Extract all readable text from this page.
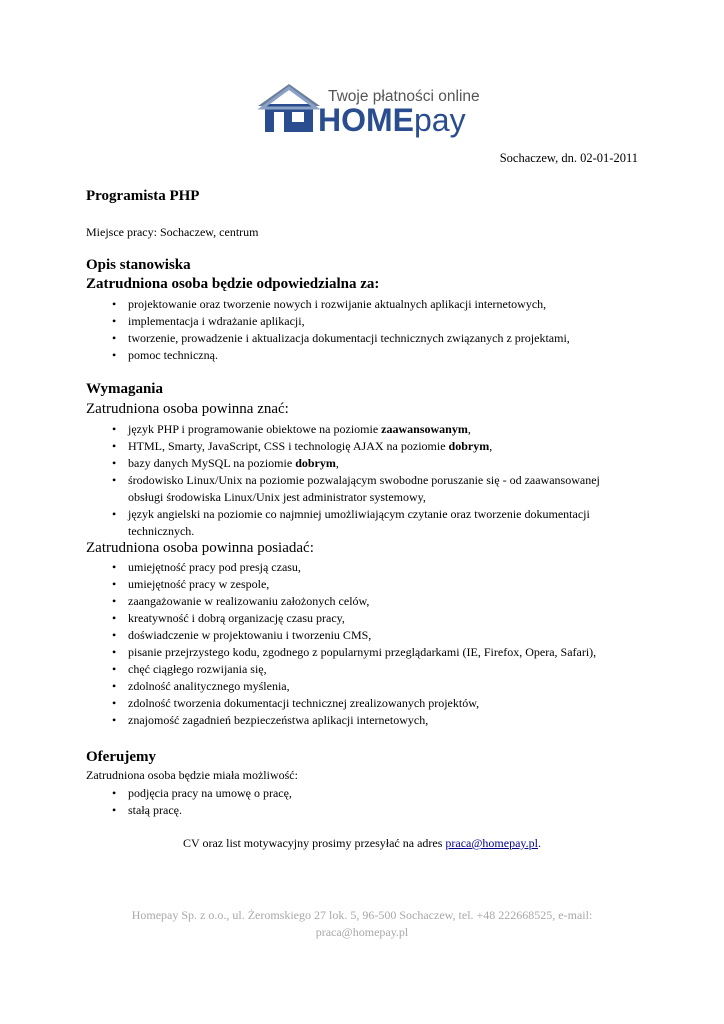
Twoje płatności online
HOMEpay
Sochaczew, dn. 02-01-2011
Programista PHP
Miejsce pracy: Sochaczew, centrum
Opis stanowiska
Zatrudniona osoba będzie odpowiedzialna za:
• projektowanie oraz tworzenie nowych i rozwijanie aktualnych aplikacji internetowych,
• implementacja i wdrażanie aplikacji,
• tworzenie, prowadzenie i aktualizacja dokumentacji technicznych związanych z projektami,
• pomoc techniczną.
Wymagania
Zatrudniona osoba powinna znać:
• język PHP i programowanie obiektowe na poziomie zaawansowanym,
• HTML, Smarty, JavaScript, CSS i technologię AJAX na poziomie dobrym,
• bazy danych MySQL na poziomie dobrym,
• środowisko Linux/Unix na poziomie pozwalającym swobodne poruszanie się - od zaawansowanej obsługi środowiska Linux/Unix jest administrator systemowy,
• język angielski na poziomie co najmniej umożliwiającym czytanie oraz tworzenie dokumentacji technicznych.
Zatrudniona osoba powinna posiadać:
• umiejętność pracy pod presją czasu,
• umiejętność pracy w zespole,
• zaangażowanie w realizowaniu założonych celów,
• kreatywność i dobrą organizację czasu pracy,
• doświadczenie w projektowaniu i tworzeniu CMS,
• pisanie przejrzystego kodu, zgodnego z popularnymi przeglądarkami (IE, Firefox, Opera, Safari),
• chęć ciągłego rozwijania się,
• zdolność analitycznego myślenia,
• zdolność tworzenia dokumentacji technicznej zrealizowanych projektów,
• znajomość zagadnień bezpieczeństwa aplikacji internetowych,
Oferujemy
Zatrudniona osoba będzie miała możliwość:
• podjęcia pracy na umowę o pracę,
• stałą pracę.
CV oraz list motywacyjny prosimy przesyłać na adres praca@homepay.pl.
Homepay Sp. z o.o., ul. Żeromskiego 27 lok. 5, 96-500 Sochaczew, tel. +48 222668525, e-mail: praca@homepay.pl
